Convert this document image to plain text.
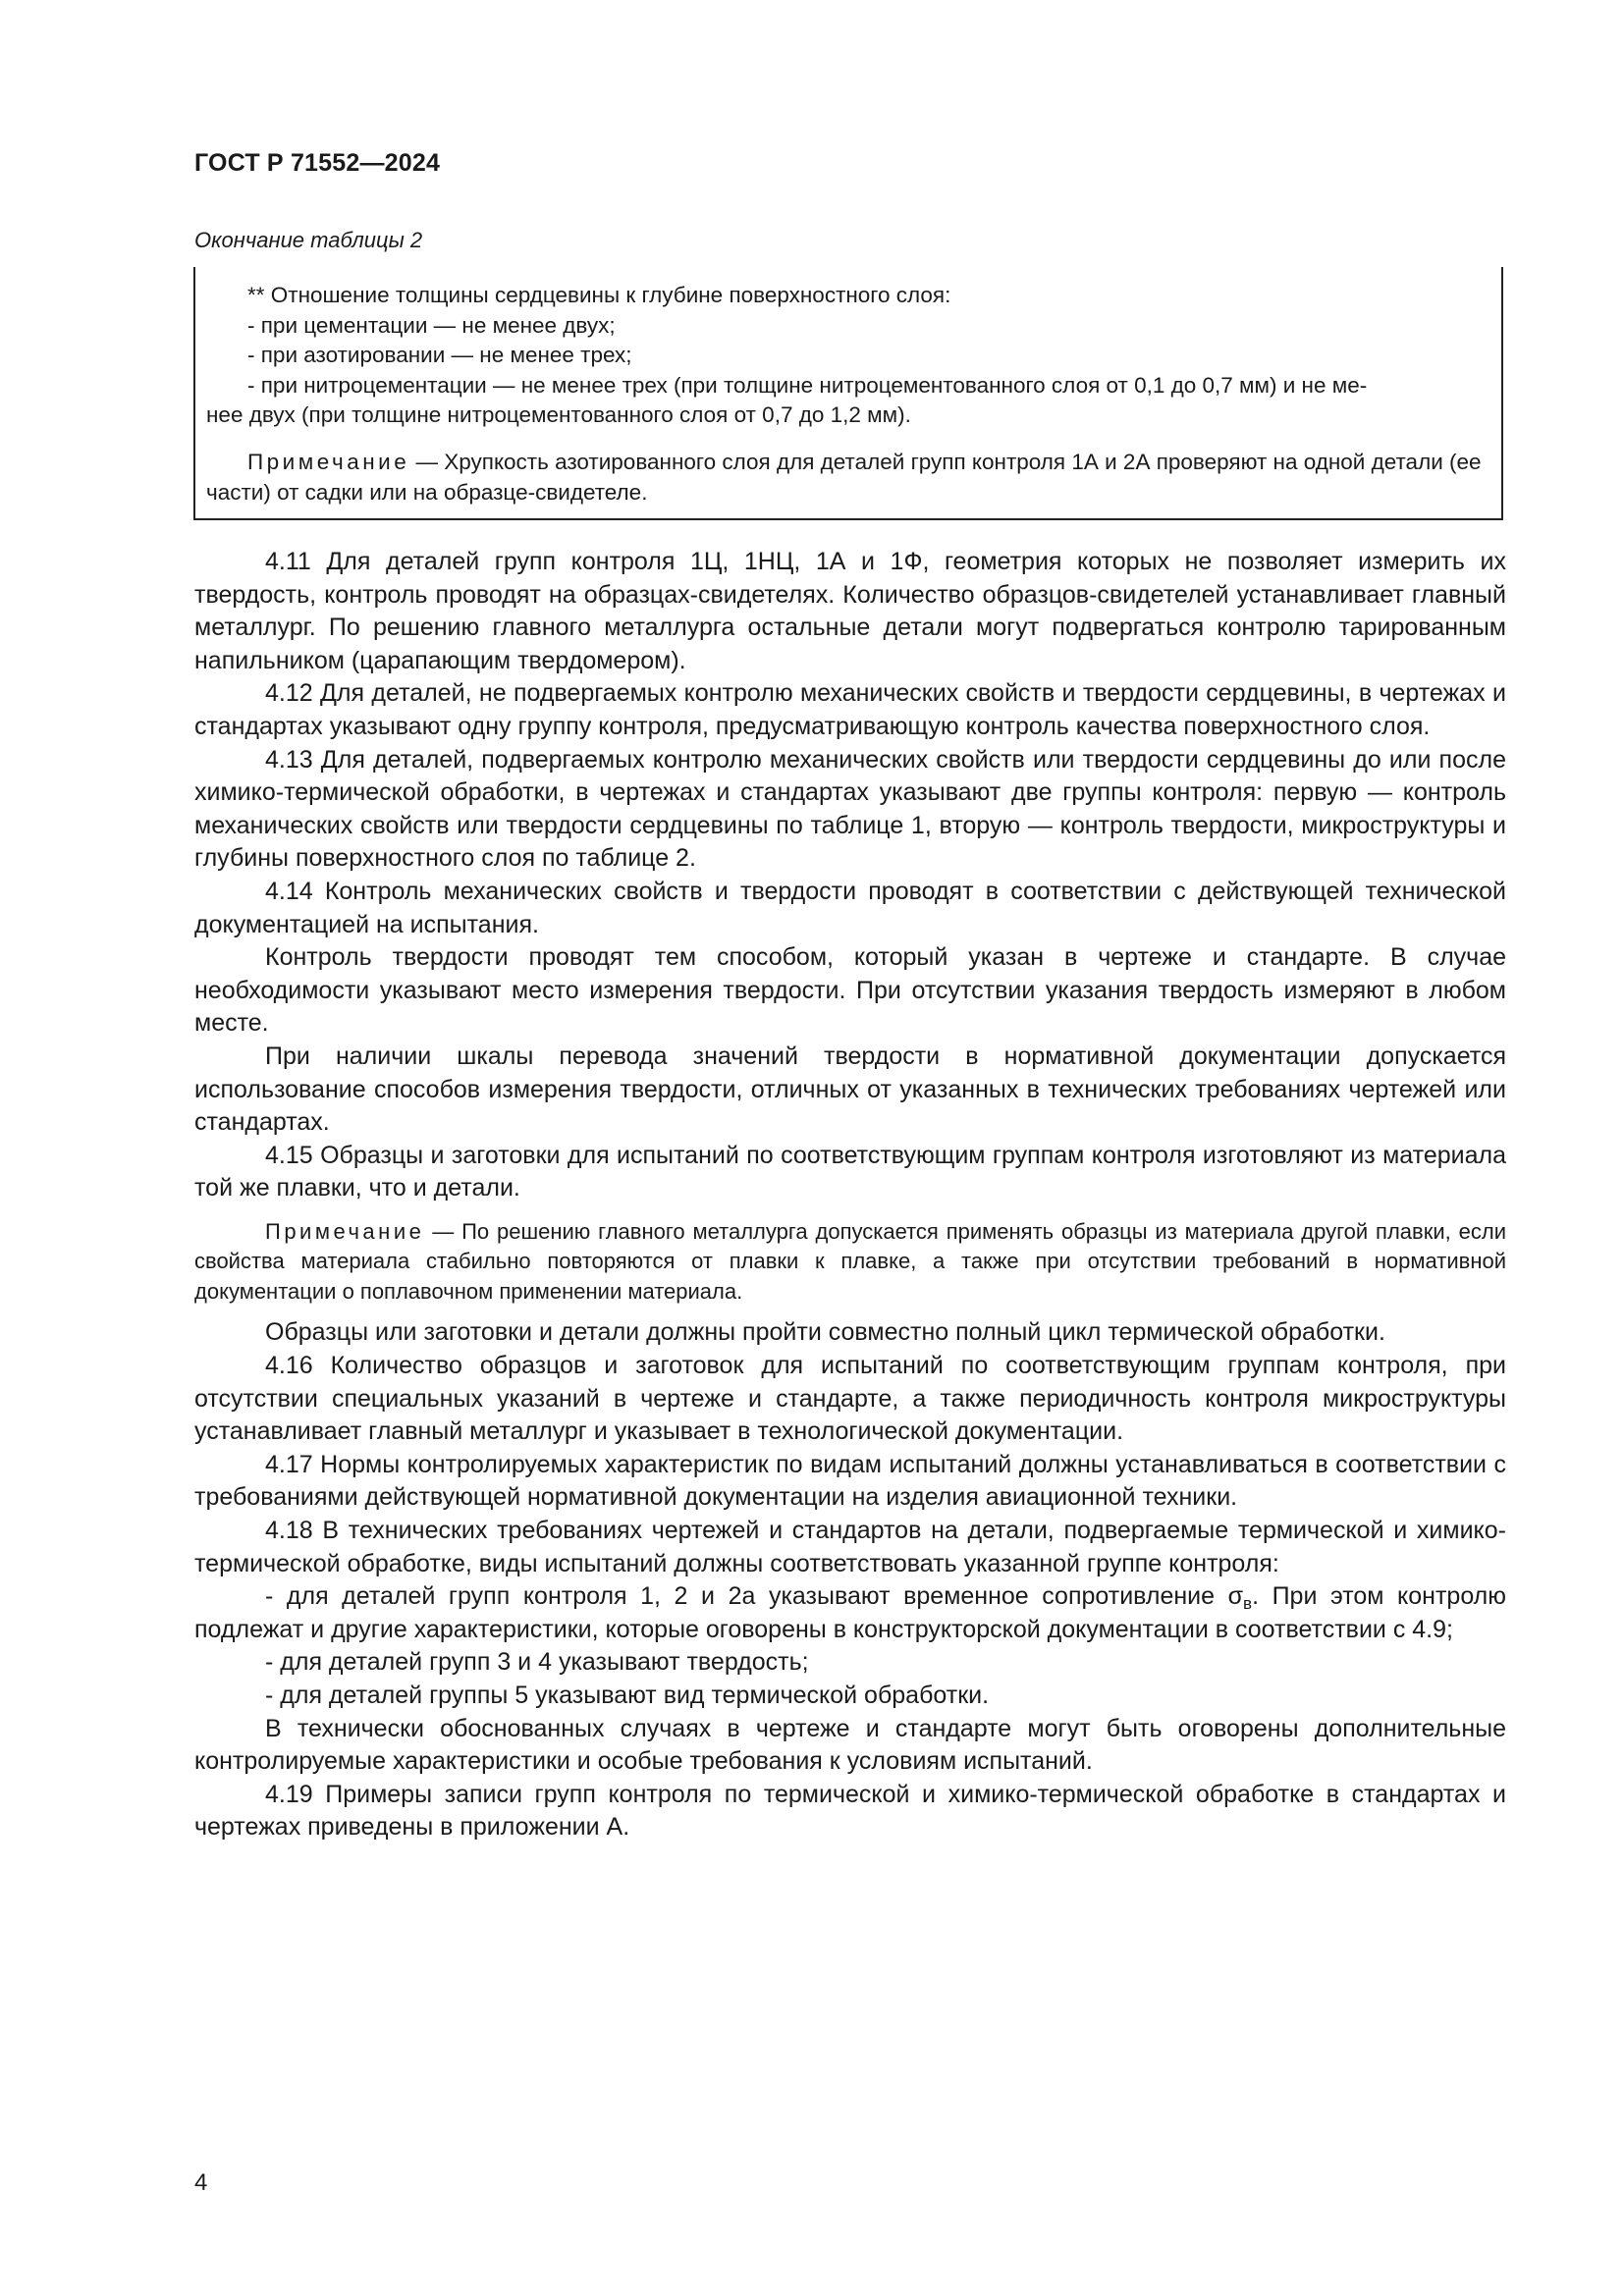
ГОСТ Р 71552—2024
Окончание таблицы 2
** Отношение толщины сердцевины к глубине поверхностного слоя:
- при цементации — не менее двух;
- при азотировании — не менее трех;
- при нитроцементации — не менее трех (при толщине нитроцементованного слоя от 0,1 до 0,7 мм) и не ме-
нее двух (при толщине нитроцементованного слоя от 0,7 до 1,2 мм).
Примечание — Хрупкость азотированного слоя для деталей групп контроля 1А и 2А проверяют на одной детали (ее части) от садки или на образце-свидетеле.

4.11 Для деталей групп контроля 1Ц, 1НЦ, 1А и 1Ф, геометрия которых не позволяет измерить их твердость, контроль проводят на образцах-свидетелях. Количество образцов-свидетелей устанавливает главный металлург. По решению главного металлурга остальные детали могут подвергаться контролю тарированным напильником (царапающим твердомером).

4.12 Для деталей, не подвергаемых контролю механических свойств и твердости сердцевины, в чертежах и стандартах указывают одну группу контроля, предусматривающую контроль качества поверхностного слоя.

4.13 Для деталей, подвергаемых контролю механических свойств или твердости сердцевины до или после химико-термической обработки, в чертежах и стандартах указывают две группы контроля: первую — контроль механических свойств или твердости сердцевины по таблице 1, вторую — контроль твердости, микроструктуры и глубины поверхностного слоя по таблице 2.

4.14 Контроль механических свойств и твердости проводят в соответствии с действующей технической документацией на испытания.

Контроль твердости проводят тем способом, который указан в чертеже и стандарте. В случае необходимости указывают место измерения твердости. При отсутствии указания твердость измеряют в любом месте.

При наличии шкалы перевода значений твердости в нормативной документации допускается использование способов измерения твердости, отличных от указанных в технических требованиях чертежей или стандартах.

4.15 Образцы и заготовки для испытаний по соответствующим группам контроля изготовляют из материала той же плавки, что и детали.

Примечание — По решению главного металлурга допускается применять образцы из материала другой плавки, если свойства материала стабильно повторяются от плавки к плавке, а также при отсутствии требований в нормативной документации о поплавочном применении материала.

Образцы или заготовки и детали должны пройти совместно полный цикл термической обработки.

4.16 Количество образцов и заготовок для испытаний по соответствующим группам контроля, при отсутствии специальных указаний в чертеже и стандарте, а также периодичность контроля микроструктуры устанавливает главный металлург и указывает в технологической документации.

4.17 Нормы контролируемых характеристик по видам испытаний должны устанавливаться в соответствии с требованиями действующей нормативной документации на изделия авиационной техники.

4.18 В технических требованиях чертежей и стандартов на детали, подвергаемые термической и химико-термической обработке, виды испытаний должны соответствовать указанной группе контроля:

- для деталей групп контроля 1, 2 и 2а указывают временное сопротивление $\sigma_в$. При этом контролю подлежат и другие характеристики, которые оговорены в конструкторской документации в соответствии с 4.9;

- для деталей групп 3 и 4 указывают твердость;

- для деталей группы 5 указывают вид термической обработки.

В технически обоснованных случаях в чертеже и стандарте могут быть оговорены дополнительные контролируемые характеристики и особые требования к условиям испытаний.

4.19 Примеры записи групп контроля по термической и химико-термической обработке в стандартах и чертежах приведены в приложении А.

4
